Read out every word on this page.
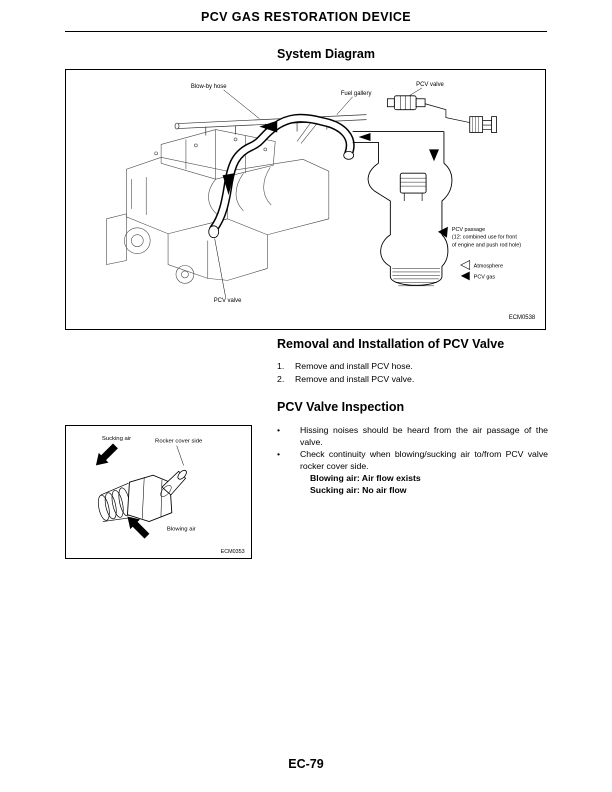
PCV GAS RESTORATION DEVICE
System Diagram
Blow-by hose
Fuel gallery
PCV valve
PCV valve
PCV passage
(12: combined use for front
of engine and push rod hole)
Atmosphere
PCV gas
ECM0538
Removal and Installation of PCV Valve
1.	Remove and install PCV hose.
2.	Remove and install PCV valve.
PCV Valve Inspection
•	Hissing noises should be heard from the air passage of the valve.
•	Check continuity when blowing/sucking air to/from PCV valve rocker cover side.
Blowing air: Air flow exists
Sucking air: No air flow
Sucking air	Rocker cover side
Blowing air
ECM0353
EC-79
